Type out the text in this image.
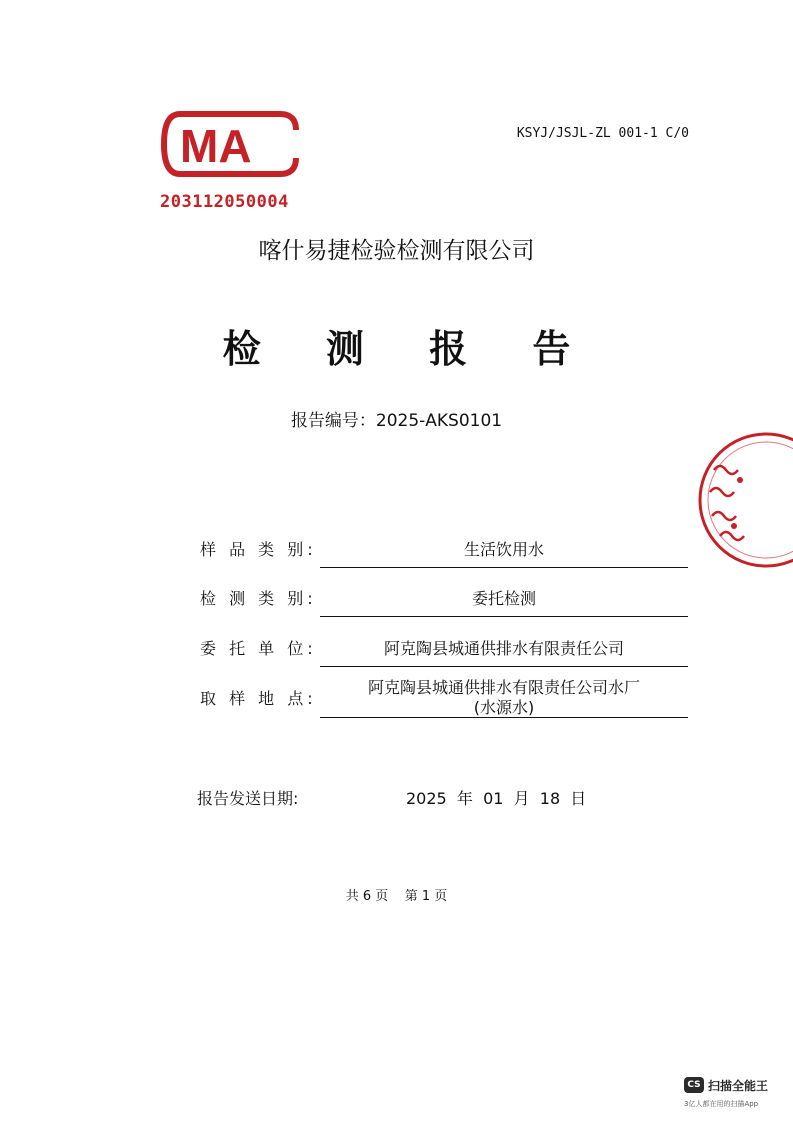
MA
203112050004
KSYJ/JSJL-ZL 001-1 C/0
喀什易捷检验检测有限公司
检 测 报 告
报告编号：2025-AKS0101
样 品 类 别:	生活饮用水
检 测 类 别:	委托检测
委 托 单 位:	阿克陶县城通供排水有限责任公司
取 样 地 点:
阿克陶县城通供排水有限责任公司水厂
(水源水)
报告发送日期:	2025  年  01  月  18  日
共 6 页    第 1 页
CS 扫描全能王
3亿人都在用的扫描App
